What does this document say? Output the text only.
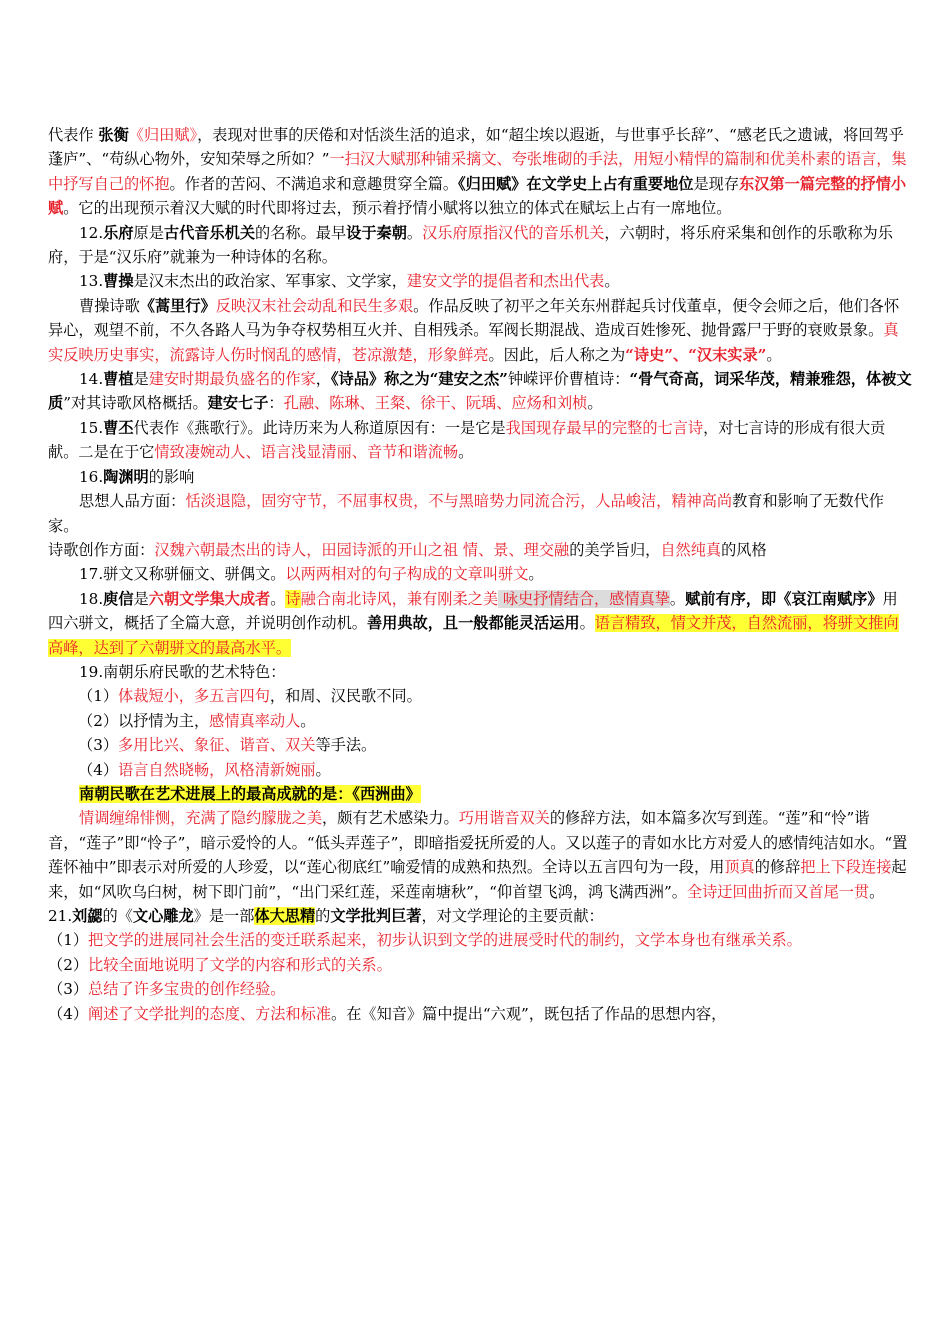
代表作 张衡《归田赋》，表现对世事的厌倦和对恬淡生活的追求，如“超尘埃以遐逝，与世事乎长辞”、“感老氏之遗诫，将回驾乎蓬庐”、“苟纵心物外，安知荣辱之所如？”一扫汉大赋那种铺采摛文、夸张堆砌的手法，用短小精悍的篇制和优美朴素的语言，集中抒写自己的怀抱。作者的苦闷、不满追求和意趣贯穿全篇。《归田赋》在文学史上占有重要地位是现存东汉第一篇完整的抒情小赋。它的出现预示着汉大赋的时代即将过去，预示着抒情小赋将以独立的体式在赋坛上占有一席地位。

12.乐府原是古代音乐机关的名称。最早设于秦朝。汉乐府原指汉代的音乐机关，六朝时，将乐府采集和创作的乐歌称为乐府，于是“汉乐府”就兼为一种诗体的名称。

13.曹操是汉末杰出的政治家、军事家、文学家，建安文学的提倡者和杰出代表。

曹操诗歌《蒿里行》反映汉末社会动乱和民生多艰。作品反映了初平之年关东州群起兵讨伐董卓，便令会师之后，他们各怀异心，观望不前，不久各路人马为争夺权势相互火并、自相残杀。军阀长期混战、造成百姓惨死、抛骨露尸于野的衰败景象。真实反映历史事实，流露诗人伤时悯乱的感情，苍凉激楚，形象鲜亮。因此，后人称之为“诗史”、“汉末实录”。

14.曹植是建安时期最负盛名的作家，《诗品》称之为“建安之杰”钟嵘评价曹植诗：“骨气奇高，词采华茂，精兼雅怨，体被文质”对其诗歌风格概括。建安七子：孔融、陈琳、王粲、徐干、阮瑀、应炀和刘桢。

15.曹丕代表作《燕歌行》。此诗历来为人称道原因有：一是它是我国现存最早的完整的七言诗，对七言诗的形成有很大贡献。二是在于它情致凄婉动人、语言浅显清丽、音节和谐流畅。

16.陶渊明的影响

思想人品方面：恬淡退隐，固穷守节，不屈事权贵，不与黑暗势力同流合污，人品峻洁，精神高尚教育和影响了无数代作家。

诗歌创作方面：汉魏六朝最杰出的诗人，田园诗派的开山之祖 情、景、理交融的美学旨归，自然纯真的风格

17.骈文又称骈俪文、骈偶文。以两两相对的句子构成的文章叫骈文。

18.庾信是六朝文学集大成者。诗融合南北诗风，兼有刚柔之美 咏史抒情结合，感情真挚。赋前有序，即《哀江南赋序》用四六骈文，概括了全篇大意，并说明创作动机。善用典故，且一般都能灵活运用。语言精致，情文并茂，自然流丽，将骈文推向高峰，达到了六朝骈文的最高水平。

19.南朝乐府民歌的艺术特色：

（1）体裁短小，多五言四句，和周、汉民歌不同。

（2）以抒情为主，感情真率动人。

（3）多用比兴、象征、谐音、双关等手法。

（4）语言自然晓畅，风格清新婉丽。

南朝民歌在艺术进展上的最高成就的是：《西洲曲》

情调缠绵悱恻，充满了隐约朦胧之美，颇有艺术感染力。巧用谐音双关的修辞方法，如本篇多次写到莲。“莲”和“怜”谐音，“莲子”即“怜子”，暗示爱怜的人。“低头弄莲子”，即暗指爱抚所爱的人。又以莲子的青如水比方对爱人的感情纯洁如水。“置莲怀袖中”即表示对所爱的人珍爱，以“莲心彻底红”喻爱情的成熟和热烈。全诗以五言四句为一段，用顶真的修辞把上下段连接起来，如“风吹乌臼树，树下即门前”，“出门采红莲，采莲南塘秋”，“仰首望飞鸿，鸿飞满西洲”。全诗迂回曲折而又首尾一贯。

21.刘勰的《文心雕龙》是一部体大思精的文学批判巨著，对文学理论的主要贡献：

（1）把文学的进展同社会生活的变迁联系起来，初步认识到文学的进展受时代的制约，文学本身也有继承关系。

（2）比较全面地说明了文学的内容和形式的关系。

（3）总结了许多宝贵的创作经验。

（4）阐述了文学批判的态度、方法和标准。在《知音》篇中提出“六观”，既包括了作品的思想内容，
